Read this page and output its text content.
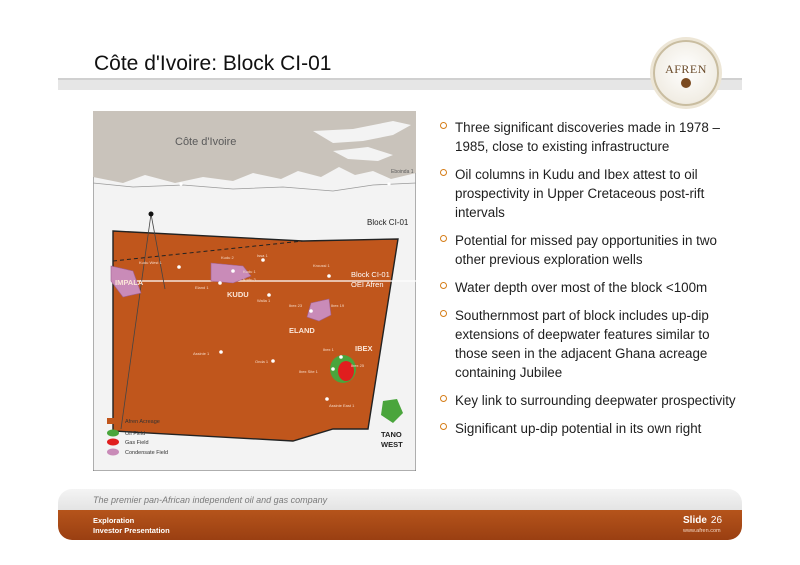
Côte d'Ivoire: Block CI-01	AFREN
Côte d'Ivoire
Eboinda 1
Block CI-01
Block CI-01
OEI Afren
IMPALA
KUDU
ELAND
IBEX
TANO
WEST
Kudu West 1
Kudu 2
Kudu 1
Issa 1
Eland 1
Kudu 3
Walia 1
Ibex 23	Ibex 19
Assinie 1
Onda 1
Ibex 1
Ibex Site 1
Ibex 25
Assinie East 1
Kroussi 1
Afren Acreage
Oil Field
Gas Field
Condensate Field
Three significant discoveries made in 1978 – 1985, close to existing infrastructure
Oil columns in Kudu and Ibex attest to oil prospectivity in Upper Cretaceous post-rift intervals
Potential for missed pay opportunities in two other previous exploration wells
Water depth over most of the block <100m
Southernmost part of block includes up-dip extensions of deepwater features similar to those seen in the adjacent Ghana acreage containing Jubilee
Key link to surrounding deepwater prospectivity
Significant up-dip potential in its own right
The premier pan-African independent oil and gas company
Exploration
Investor Presentation
Slide 26
www.afren.com
